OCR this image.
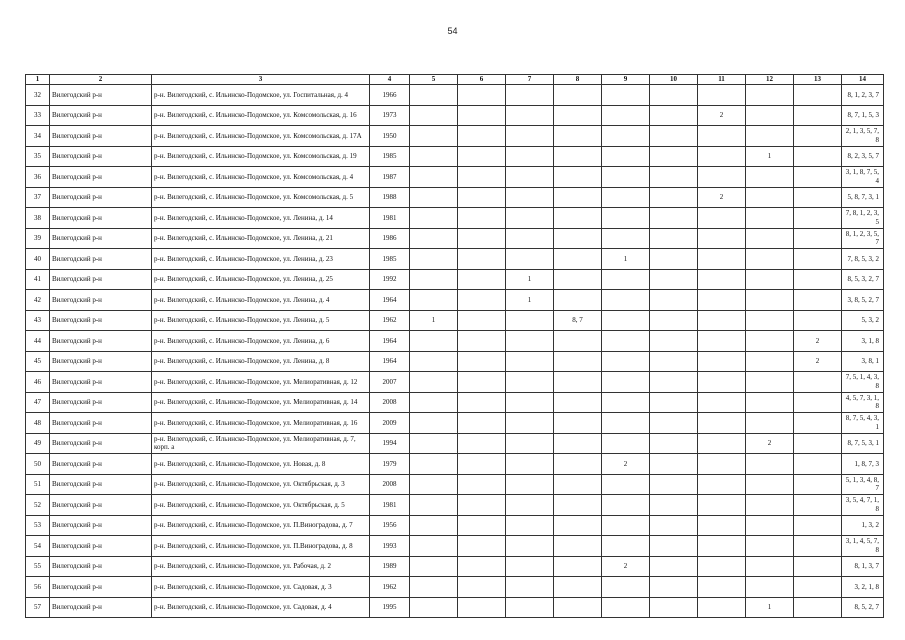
54
1	2	3	4	5	6	7	8	9	10	11	12	13	14
32	Вилегодский р-н	р-н. Вилегодский, с. Ильинско-Подомское, ул. Госпитальная, д. 4	1966										8, 1, 2, 3, 7
33	Вилегодский р-н	р-н. Вилегодский, с. Ильинско-Подомское, ул. Комсомольская, д. 16	1973							2			8, 7, 1, 5, 3
34	Вилегодский р-н	р-н. Вилегодский, с. Ильинско-Подомское, ул. Комсомольская, д. 17А	1950										2, 1, 3, 5, 7, 8
35	Вилегодский р-н	р-н. Вилегодский, с. Ильинско-Подомское, ул. Комсомольская, д. 19	1985								1		8, 2, 3, 5, 7
36	Вилегодский р-н	р-н. Вилегодский, с. Ильинско-Подомское, ул. Комсомольская, д. 4	1987										3, 1, 8, 7, 5, 4
37	Вилегодский р-н	р-н. Вилегодский, с. Ильинско-Подомское, ул. Комсомольская, д. 5	1988							2			5, 8, 7, 3, 1
38	Вилегодский р-н	р-н. Вилегодский, с. Ильинско-Подомское, ул. Ленина, д. 14	1981										7, 8, 1, 2, 3, 5
39	Вилегодский р-н	р-н. Вилегодский, с. Ильинско-Подомское, ул. Ленина, д. 21	1986										8, 1, 2, 3, 5, 7
40	Вилегодский р-н	р-н. Вилегодский, с. Ильинско-Подомское, ул. Ленина, д. 23	1985					1					7, 8, 5, 3, 2
41	Вилегодский р-н	р-н. Вилегодский, с. Ильинско-Подомское, ул. Ленина, д. 25	1992			1							8, 5, 3, 2, 7
42	Вилегодский р-н	р-н. Вилегодский, с. Ильинско-Подомское, ул. Ленина, д. 4	1964			1							3, 8, 5, 2, 7
43	Вилегодский р-н	р-н. Вилегодский, с. Ильинско-Подомское, ул. Ленина, д. 5	1962	1			8, 7						5, 3, 2
44	Вилегодский р-н	р-н. Вилегодский, с. Ильинско-Подомское, ул. Ленина, д. 6	1964									2	3, 1, 8
45	Вилегодский р-н	р-н. Вилегодский, с. Ильинско-Подомское, ул. Ленина, д. 8	1964									2	3, 8, 1
46	Вилегодский р-н	р-н. Вилегодский, с. Ильинско-Подомское, ул. Мелиоративная, д. 12	2007										7, 5, 1, 4, 3, 8
47	Вилегодский р-н	р-н. Вилегодский, с. Ильинско-Подомское, ул. Мелиоративная, д. 14	2008										4, 5, 7, 3, 1, 8
48	Вилегодский р-н	р-н. Вилегодский, с. Ильинско-Подомское, ул. Мелиоративная, д. 16	2009										8, 7, 5, 4, 3, 1
49	Вилегодский р-н	р-н. Вилегодский, с. Ильинско-Подомское, ул. Мелиоративная, д. 7, корп. а	1994								2		8, 7, 5, 3, 1
50	Вилегодский р-н	р-н. Вилегодский, с. Ильинско-Подомское, ул. Новая, д. 8	1979					2					1, 8, 7, 3
51	Вилегодский р-н	р-н. Вилегодский, с. Ильинско-Подомское, ул. Октябрьская, д. 3	2008										5, 1, 3, 4, 8, 7
52	Вилегодский р-н	р-н. Вилегодский, с. Ильинско-Подомское, ул. Октябрьская, д. 5	1981										3, 5, 4, 7, 1, 8
53	Вилегодский р-н	р-н. Вилегодский, с. Ильинско-Подомское, ул. П.Виноградова, д. 7	1956										1, 3, 2
54	Вилегодский р-н	р-н. Вилегодский, с. Ильинско-Подомское, ул. П.Виноградова, д. 8	1993										3, 1, 4, 5, 7, 8
55	Вилегодский р-н	р-н. Вилегодский, с. Ильинско-Подомское, ул. Рабочая, д. 2	1989					2					8, 1, 3, 7
56	Вилегодский р-н	р-н. Вилегодский, с. Ильинско-Подомское, ул. Садовая, д. 3	1962										3, 2, 1, 8
57	Вилегодский р-н	р-н. Вилегодский, с. Ильинско-Подомское, ул. Садовая, д. 4	1995								1		8, 5, 2, 7
